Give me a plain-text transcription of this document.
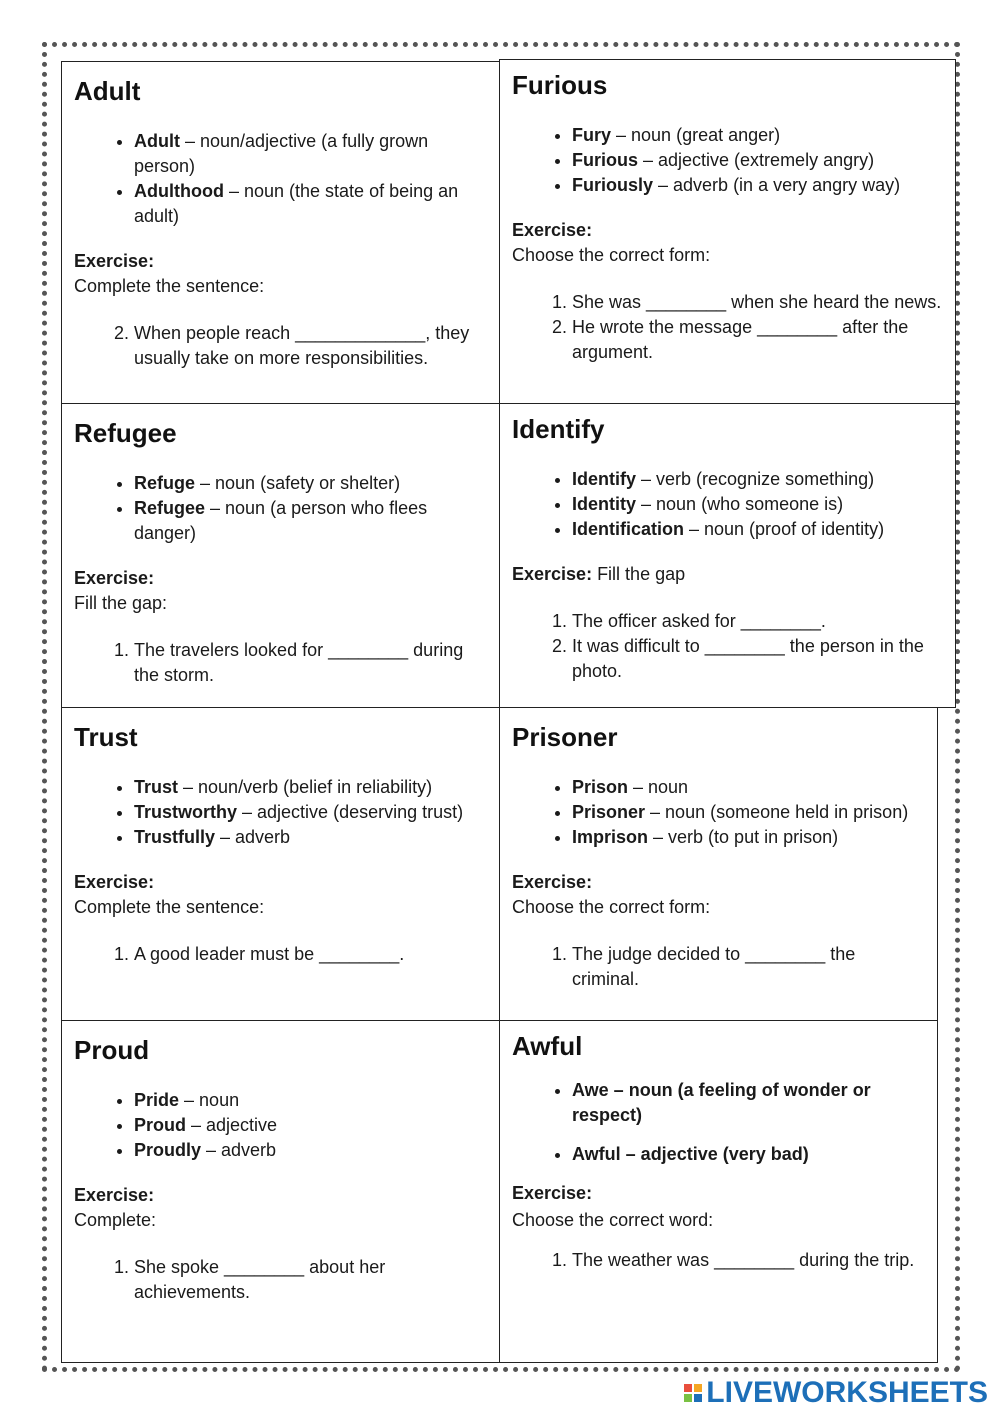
Adult
• Adult – noun/adjective (a fully grown person)
• Adulthood – noun (the state of being an adult)
Exercise:
Complete the sentence:
2. When people reach _____________, they usually take on more responsibilities.
Furious
• Fury – noun (great anger)
• Furious – adjective (extremely angry)
• Furiously – adverb (in a very angry way)
Exercise:
Choose the correct form:
1. She was ________ when she heard the news.
2. He wrote the message ________ after the argument.
Refugee
• Refuge – noun (safety or shelter)
• Refugee – noun (a person who flees danger)
Exercise:
Fill the gap:
1. The travelers looked for ________ during the storm.
Identify
• Identify – verb (recognize something)
• Identity – noun (who someone is)
• Identification – noun (proof of identity)
Exercise: Fill the gap
1. The officer asked for ________.
2. It was difficult to ________ the person in the photo.
Trust
• Trust – noun/verb (belief in reliability)
• Trustworthy – adjective (deserving trust)
• Trustfully – adverb
Exercise:
Complete the sentence:
1. A good leader must be ________.
Prisoner
• Prison – noun
• Prisoner – noun (someone held in prison)
• Imprison – verb (to put in prison)
Exercise:
Choose the correct form:
1. The judge decided to ________ the criminal.
Proud
• Pride – noun
• Proud – adjective
• Proudly – adverb
Exercise:
Complete:
1. She spoke ________ about her achievements.
Awful
• Awe – noun (a feeling of wonder or respect)
• Awful – adjective (very bad)
Exercise:
Choose the correct word:
1. The weather was ________ during the trip.
LIVEWORKSHEETS
